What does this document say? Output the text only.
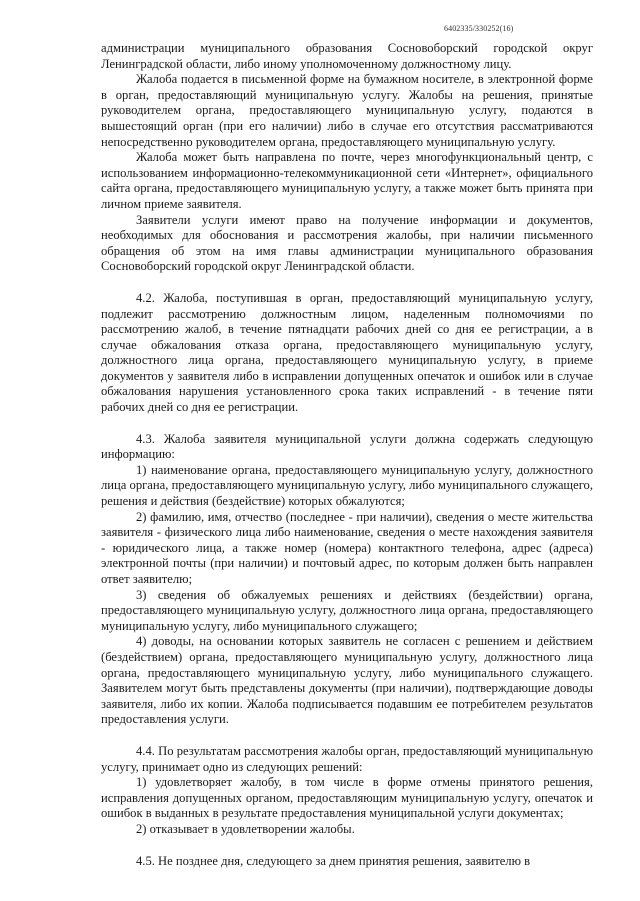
6402335/330252(16)

администрации муниципального образования Сосновоборский городской округ Ленинградской области, либо иному уполномоченному должностному лицу.

Жалоба подается в письменной форме на бумажном носителе, в электронной форме в орган, предоставляющий муниципальную услугу. Жалобы на решения, принятые руководителем органа, предоставляющего муниципальную услугу, подаются в вышестоящий орган (при его наличии) либо в случае его отсутствия рассматриваются непосредственно руководителем органа, предоставляющего муниципальную услугу.

Жалоба может быть направлена по почте, через многофункциональный центр, с использованием информационно-телекоммуникационной сети «Интернет», официального сайта органа, предоставляющего муниципальную услугу, а также может быть принята при личном приеме заявителя.

Заявители услуги имеют право на получение информации и документов, необходимых для обоснования и рассмотрения жалобы, при наличии письменного обращения об этом на имя главы администрации муниципального образования Сосновоборский городской округ Ленинградской области.

4.2. Жалоба, поступившая в орган, предоставляющий муниципальную услугу, подлежит рассмотрению должностным лицом, наделенным полномочиями по рассмотрению жалоб, в течение пятнадцати рабочих дней со дня ее регистрации, а в случае обжалования отказа органа, предоставляющего муниципальную услугу, должностного лица органа, предоставляющего муниципальную услугу, в приеме документов у заявителя либо в исправлении допущенных опечаток и ошибок или в случае обжалования нарушения установленного срока таких исправлений - в течение пяти рабочих дней со дня ее регистрации.

4.3. Жалоба заявителя муниципальной услуги должна содержать следующую информацию:

1) наименование органа, предоставляющего муниципальную услугу, должностного лица органа, предоставляющего муниципальную услугу, либо муниципального служащего, решения и действия (бездействие) которых обжалуются;

2) фамилию, имя, отчество (последнее - при наличии), сведения о месте жительства заявителя - физического лица либо наименование, сведения о месте нахождения заявителя - юридического лица, а также номер (номера) контактного телефона, адрес (адреса) электронной почты (при наличии) и почтовый адрес, по которым должен быть направлен ответ заявителю;

3) сведения об обжалуемых решениях и действиях (бездействии) органа, предоставляющего муниципальную услугу, должностного лица органа, предоставляющего муниципальную услугу, либо муниципального служащего;

4) доводы, на основании которых заявитель не согласен с решением и действием (бездействием) органа, предоставляющего муниципальную услугу, должностного лица органа, предоставляющего муниципальную услугу, либо муниципального служащего. Заявителем могут быть представлены документы (при наличии), подтверждающие доводы заявителя, либо их копии. Жалоба подписывается подавшим ее потребителем результатов предоставления услуги.

4.4. По результатам рассмотрения жалобы орган, предоставляющий муниципальную услугу, принимает одно из следующих решений:

1) удовлетворяет жалобу, в том числе в форме отмены принятого решения, исправления допущенных органом, предоставляющим муниципальную услугу, опечаток и ошибок в выданных в результате предоставления муниципальной услуги документах;

2) отказывает в удовлетворении жалобы.

4.5. Не позднее дня, следующего за днем принятия решения, заявителю в
